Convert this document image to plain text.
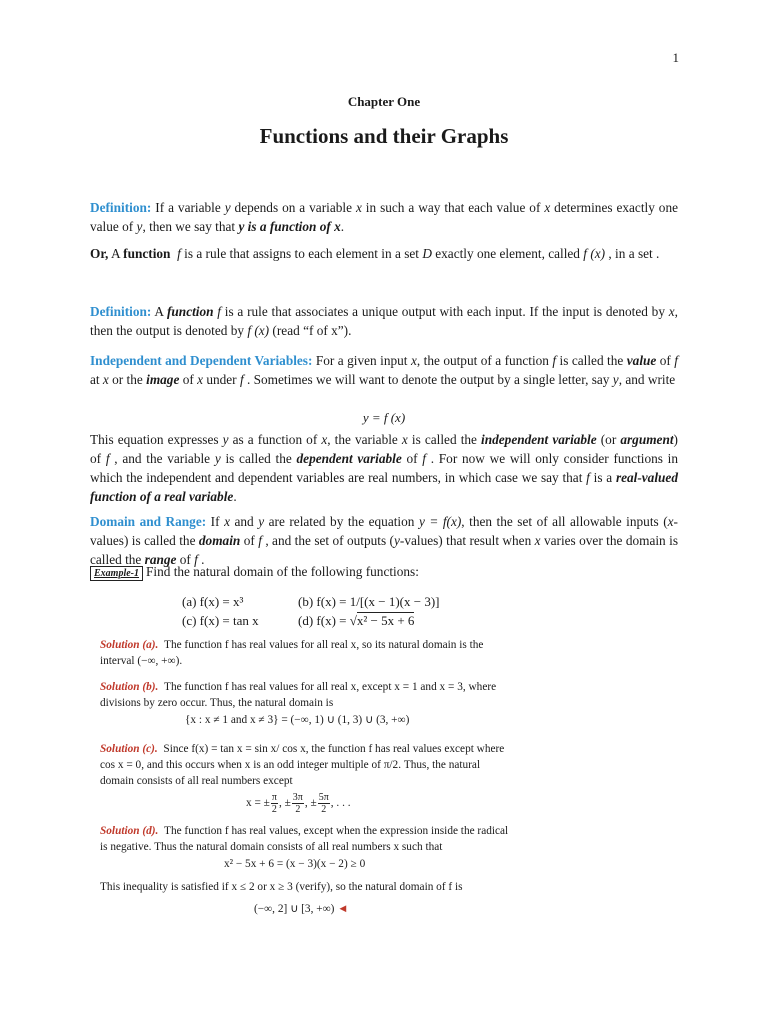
1
Chapter One
Functions and their Graphs

Definition: If a variable y depends on a variable x in such a way that each value of x determines exactly one value of y, then we say that y is a function of x.

Or, A function f is a rule that assigns to each element in a set D exactly one element, called f (x) , in a set .

Definition: A function f is a rule that associates a unique output with each input. If the input is denoted by x, then the output is denoted by f (x) (read “f of x”).

Independent and Dependent Variables: For a given input x, the output of a function f is called the value of f at x or the image of x under f . Sometimes we will want to denote the output by a single letter, say y, and write

y = f (x)

This equation expresses y as a function of x, the variable x is called the independent variable (or argument) of f , and the variable y is called the dependent variable of f . For now we will only consider functions in which the independent and dependent variables are real numbers, in which case we say that f is a real-valued function of a real variable.

Domain and Range: If x and y are related by the equation y = f(x), then the set of all allowable inputs (x-values) is called the domain of f , and the set of outputs (y-values) that result when x varies over the domain is called the range of f .

Example-1 Find the natural domain of the following functions:
(a) f(x) = x³	(b) f(x) = 1/[(x − 1)(x − 3)]
(c) f(x) = tan x	(d) f(x) = √x² − 5x + 6

Solution (a). The function f has real values for all real x, so its natural domain is the interval (−∞, +∞).

Solution (b). The function f has real values for all real x, except x = 1 and x = 3, where divisions by zero occur. Thus, the natural domain is

{x : x ≠ 1 and x ≠ 3} = (−∞, 1) ∪ (1, 3) ∪ (3, +∞)

Solution (c). Since f(x) = tan x = sin x/ cos x, the function f has real values except where cos x = 0, and this occurs when x is an odd integer multiple of π/2. Thus, the natural domain consists of all real numbers except

x = ± $\frac{\pi}{2}$ , ± $\frac{3\pi}{2}$ , ± $\frac{5\pi}{2}$ , . . .

Solution (d). The function f has real values, except when the expression inside the radical is negative. Thus the natural domain consists of all real numbers x such that

x² − 5x + 6 = (x − 3)(x − 2) ≥ 0

This inequality is satisfied if x ≤ 2 or x ≥ 3 (verify), so the natural domain of f is

(−∞, 2] ∪ [3, +∞) ◄
